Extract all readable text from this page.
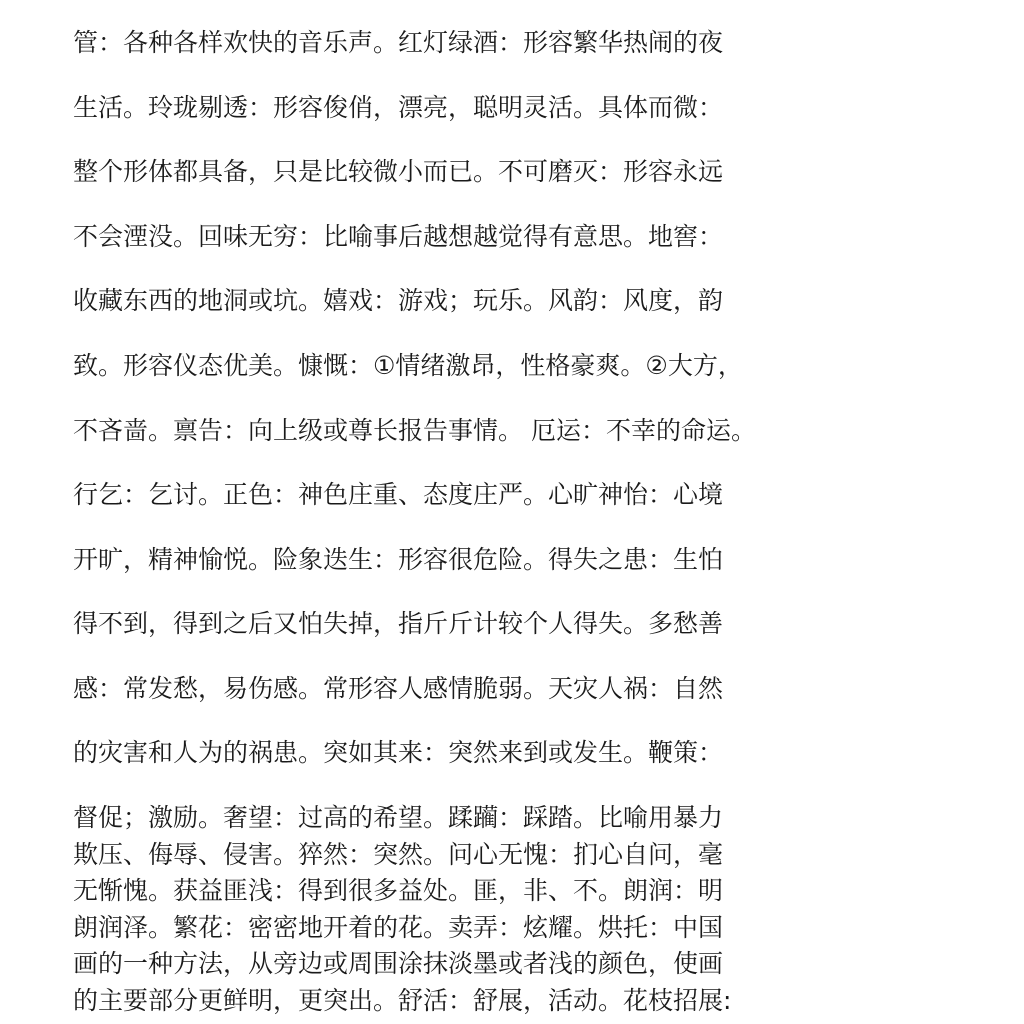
管：各种各样欢快的音乐声。红灯绿酒：形容繁华热闹的夜
生活。玲珑剔透：形容俊俏，漂亮，聪明灵活。具体而微：
整个形体都具备，只是比较微小而已。不可磨灭：形容永远
不会湮没。回味无穷：比喻事后越想越觉得有意思。地窖：
收藏东西的地洞或坑。嬉戏：游戏；玩乐。风韵：风度，韵
致。形容仪态优美。慷慨：①情绪激昂，性格豪爽。②大方，
不吝啬。禀告：向上级或尊长报告事情。 厄运：不幸的命运。
行乞：乞讨。正色：神色庄重、态度庄严。心旷神怡：心境
开旷，精神愉悦。险象迭生：形容很危险。得失之患：生怕
得不到，得到之后又怕失掉，指斤斤计较个人得失。多愁善
感：常发愁，易伤感。常形容人感情脆弱。天灾人祸：自然
的灾害和人为的祸患。突如其来：突然来到或发生。鞭策：
督促；激励。奢望：过高的希望。蹂躏：踩踏。比喻用暴力
欺压、侮辱、侵害。猝然：突然。问心无愧：扪心自问，毫
无惭愧。获益匪浅：得到很多益处。匪，非、不。朗润：明
朗润泽。繁花：密密地开着的花。卖弄：炫耀。烘托：中国
画的一种方法，从旁边或周围涂抹淡墨或者浅的颜色，使画
的主要部分更鲜明，更突出。舒活：舒展，活动。花枝招展:
